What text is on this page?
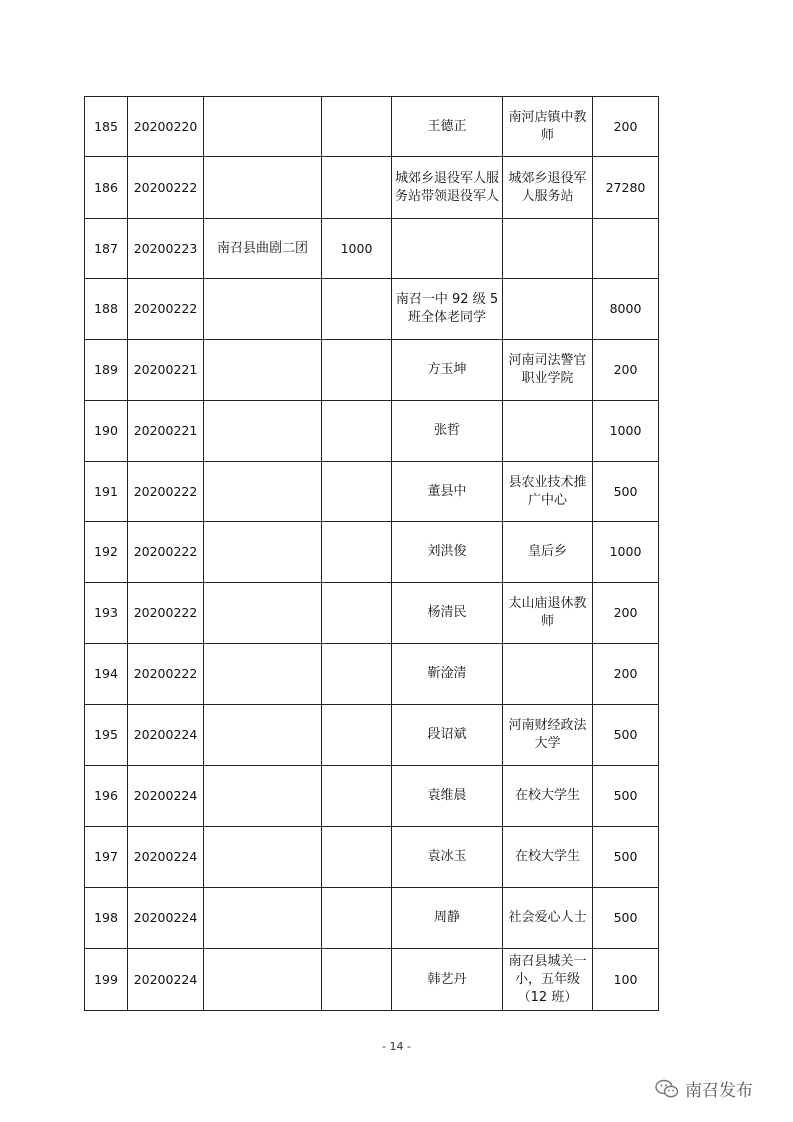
185	20200220			王德正	南河店镇中教师	200
186	20200222			城郊乡退役军人服务站带领退役军人	城郊乡退役军人服务站	27280
187	20200223	南召县曲剧二团	1000			
188	20200222			南召一中 92 级 5 班全体老同学		8000
189	20200221			方玉坤	河南司法警官职业学院	200
190	20200221			张哲		1000
191	20200222			董县中	县农业技术推广中心	500
192	20200222			刘洪俊	皇后乡	1000
193	20200222			杨清民	太山庙退休教师	200
194	20200222			靳淦清		200
195	20200224			段诏斌	河南财经政法大学	500
196	20200224			袁维晨	在校大学生	500
197	20200224			袁冰玉	在校大学生	500
198	20200224			周静	社会爱心人士	500
199	20200224			韩艺丹	南召县城关一小，五年级（12 班）	100
- 14 -
南召发布
